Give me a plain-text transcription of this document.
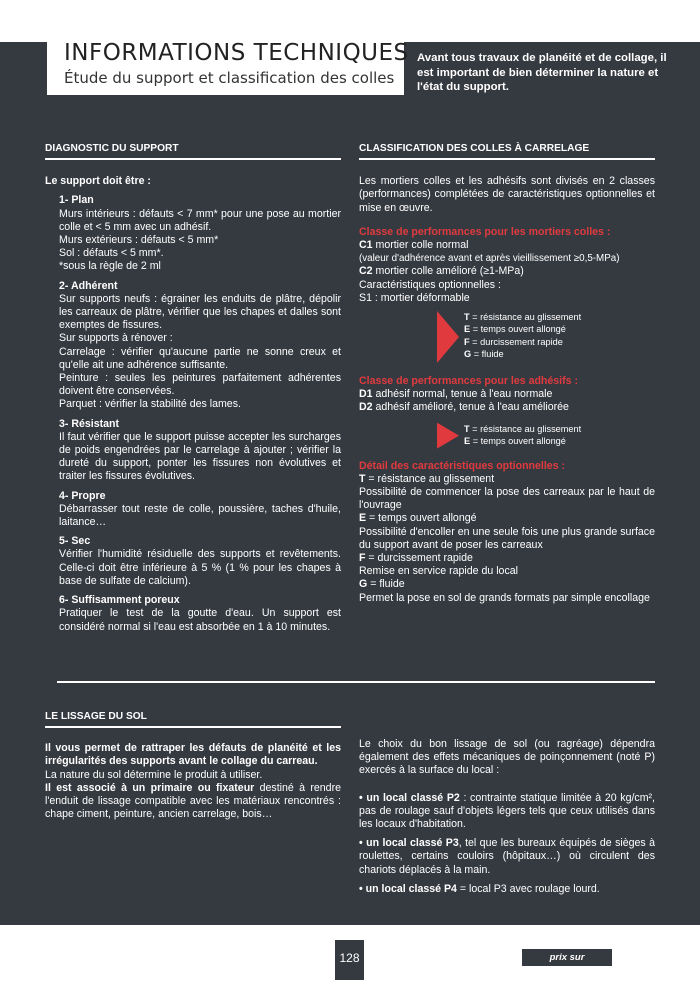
INFORMATIONS TECHNIQUES
Étude du support et classification des colles
Avant tous travaux de planéité et de collage, il est important de bien déterminer la nature et l'état du support.
DIAGNOSTIC DU SUPPORT

Le support doit être :

1- Plan

Murs intérieurs : défauts < 7 mm* pour une pose au mortier colle et < 5 mm avec un adhésif.

Murs extérieurs : défauts < 5 mm*

Sol : défauts < 5 mm*.

*sous la règle de 2 ml

2- Adhérent

Sur supports neufs : égrainer les enduits de plâtre, dépolir les carreaux de plâtre, vérifier que les chapes et dalles sont exemptes de fissures.

Sur supports à rénover :

Carrelage : vérifier qu'aucune partie ne sonne creux et qu'elle ait une adhérence suffisante.

Peinture : seules les peintures parfaitement adhérentes doivent être conservées.

Parquet : vérifier la stabilité des lames.

3- Résistant

Il faut vérifier que le support puisse accepter les surcharges de poids engendrées par le carrelage à ajouter ; vérifier la dureté du support, ponter les fissures non évolutives et traiter les fissures évolutives.

4- Propre

Débarrasser tout reste de colle, poussière, taches d'huile, laitance…

5- Sec

Vérifier l'humidité résiduelle des supports et revêtements. Celle-ci doit être inférieure à 5 % (1 % pour les chapes à base de sulfate de calcium).

6- Suffisamment poreux

Pratiquer le test de la goutte d'eau. Un support est considéré normal si l'eau est absorbée en 1 à 10 minutes.

CLASSIFICATION DES COLLES À CARRELAGE

Les mortiers colles et les adhésifs sont divisés en 2 classes (performances) complétées de caractéristiques optionnelles et mise en œuvre.

Classe de performances pour les mortiers colles :

C1 mortier colle normal

(valeur d'adhérence avant et après vieillissement ≥0,5-MPa)

C2 mortier colle amélioré (≥1-MPa)

Caractéristiques optionnelles :

S1 : mortier déformable

T = résistance au glissement
E = temps ouvert allongé
F = durcissement rapide
G = fluide

Classe de performances pour les adhésifs :

D1 adhésif normal, tenue à l'eau normale

D2 adhésif amélioré, tenue à l'eau améliorée

T = résistance au glissement
E = temps ouvert allongé

Détail des caractéristiques optionnelles :

T = résistance au glissement

Possibilité de commencer la pose des carreaux par le haut de l'ouvrage

E = temps ouvert allongé

Possibilité d'encoller en une seule fois une plus grande surface du support avant de poser les carreaux

F = durcissement rapide

Remise en service rapide du local

G = fluide

Permet la pose en sol de grands formats par simple encollage

LE LISSAGE DU SOL

Il vous permet de rattraper les défauts de planéité et les irrégularités des supports avant le collage du carreau.

La nature du sol détermine le produit à utiliser.

Il est associé à un primaire ou fixateur destiné à rendre l'enduit de lissage compatible avec les matériaux rencontrés : chape ciment, peinture, ancien carrelage, bois…

Le choix du bon lissage de sol (ou ragréage) dépendra également des effets mécaniques de poinçonnement (noté P) exercés à la surface du local :

• un local classé P2 : contrainte statique limitée à 20 kg/cm², pas de roulage sauf d'objets légers tels que ceux utilisés dans les locaux d'habitation.

• un local classé P3, tel que les bureaux équipés de sièges à roulettes, certains couloirs (hôpitaux…) où circulent des chariots déplacés à la main.

• un local classé P4 = local P3 avec roulage lourd.

128	prix sur chausson.fr
